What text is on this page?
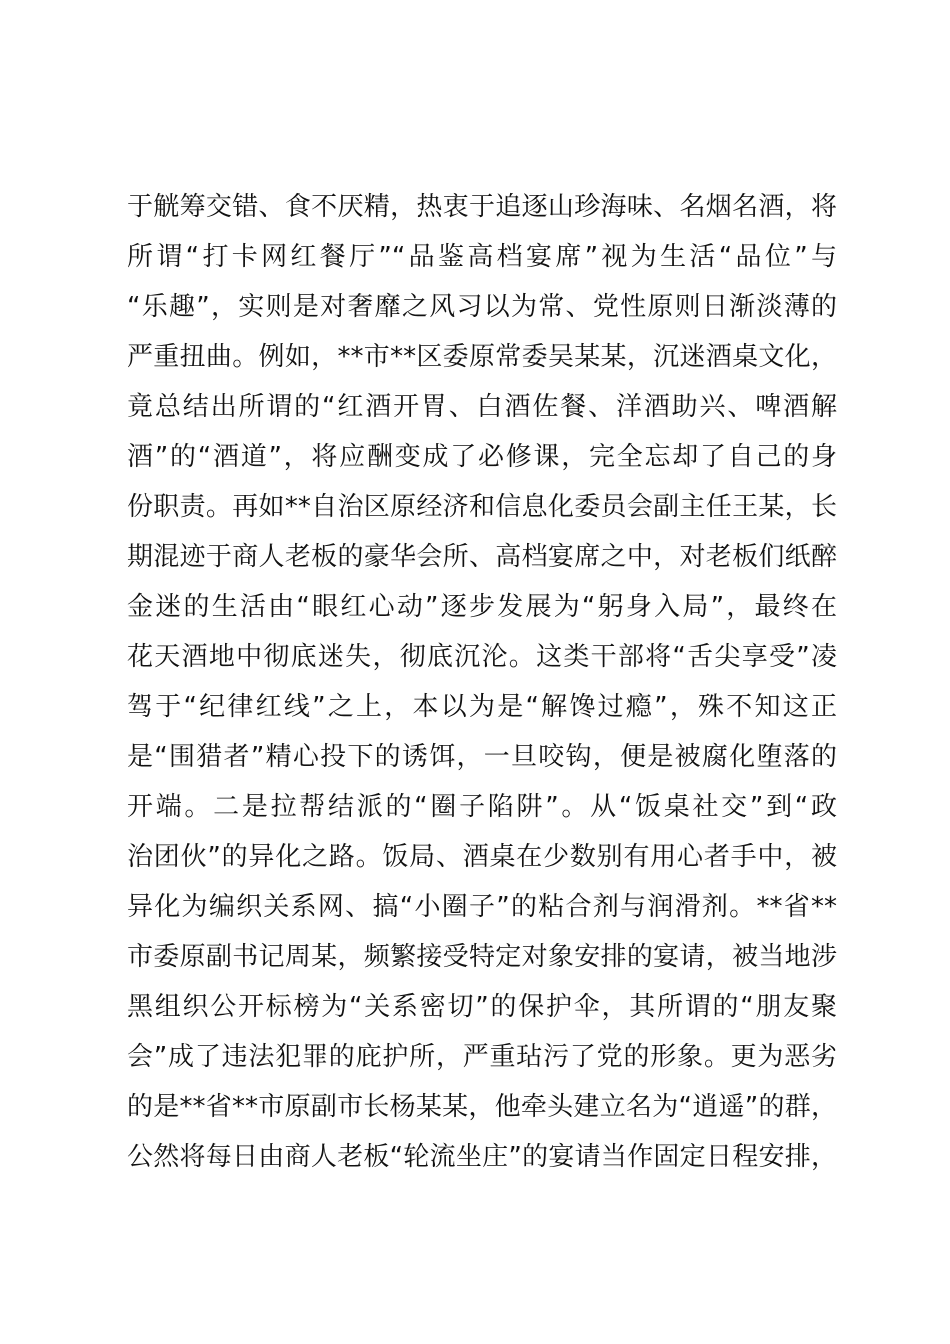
于觥筹交错、食不厌精，热衷于追逐山珍海味、名烟名酒，将
所谓“打卡网红餐厅”“品鉴高档宴席”视为生活“品位”与
“乐趣”，实则是对奢靡之风习以为常、党性原则日渐淡薄的
严重扭曲。例如，**市**区委原常委吴某某，沉迷酒桌文化，
竟总结出所谓的“红酒开胃、白酒佐餐、洋酒助兴、啤酒解
酒”的“酒道”，将应酬变成了必修课，完全忘却了自己的身
份职责。再如**自治区原经济和信息化委员会副主任王某，长
期混迹于商人老板的豪华会所、高档宴席之中，对老板们纸醉
金迷的生活由“眼红心动”逐步发展为“躬身入局”，最终在
花天酒地中彻底迷失，彻底沉沦。这类干部将“舌尖享受”凌
驾于“纪律红线”之上，本以为是“解馋过瘾”，殊不知这正
是“围猎者”精心投下的诱饵，一旦咬钩，便是被腐化堕落的
开端。二是拉帮结派的“圈子陷阱”。从“饭桌社交”到“政
治团伙”的异化之路。饭局、酒桌在少数别有用心者手中，被
异化为编织关系网、搞“小圈子”的粘合剂与润滑剂。**省**
市委原副书记周某，频繁接受特定对象安排的宴请，被当地涉
黑组织公开标榜为“关系密切”的保护伞，其所谓的“朋友聚
会”成了违法犯罪的庇护所，严重玷污了党的形象。更为恶劣
的是**省**市原副市长杨某某，他牵头建立名为“逍遥”的群，
公然将每日由商人老板“轮流坐庄”的宴请当作固定日程安排，
